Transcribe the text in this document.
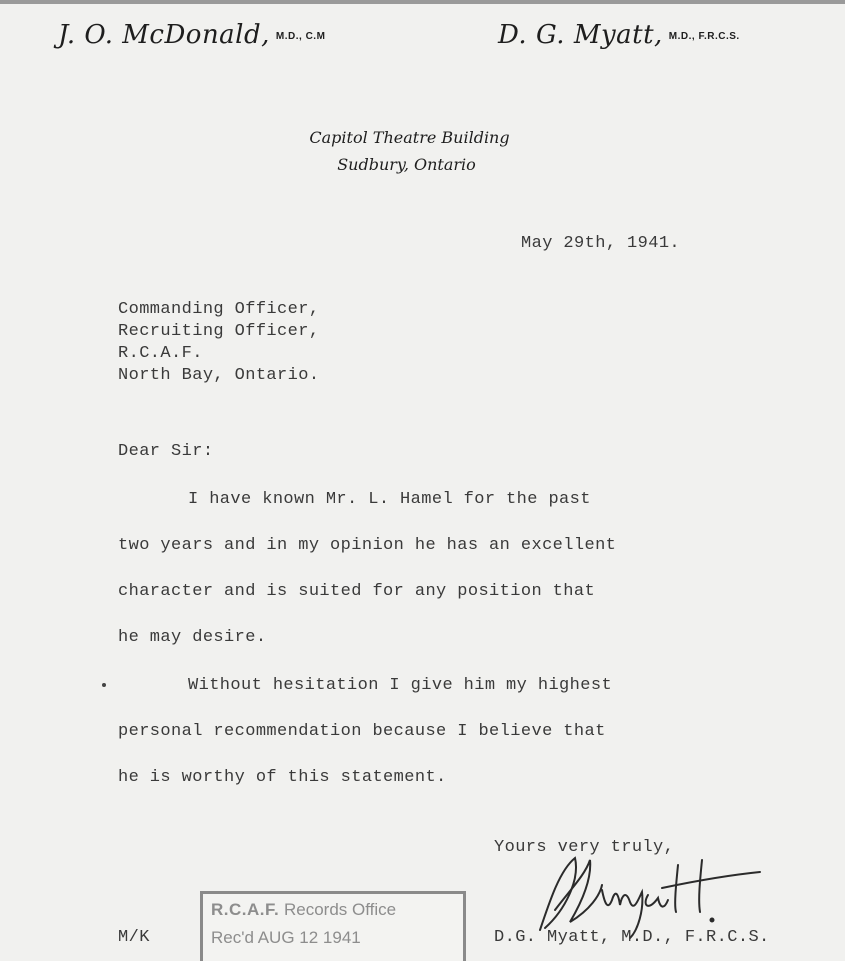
J. O. McDonald, M.D., C.M	D. G. Myatt, M.D., F.R.C.S.
Capitol Theatre Building
Sudbury, Ontario
May 29th, 1941.
Commanding Officer,
Recruiting Officer,
R.C.A.F.
North Bay, Ontario.
Dear Sir:
I have known Mr. L. Hamel for the past
two years and in my opinion he has an excellent
character and is suited for any position that
he may desire.
Without hesitation I give him my highest
personal recommendation because I believe that
he is worthy of this statement.
Yours very truly,
M/K
R.C.A.F. Records Office
Rec'd AUG 12 1941	D.G. Myatt, M.D., F.R.C.S.
